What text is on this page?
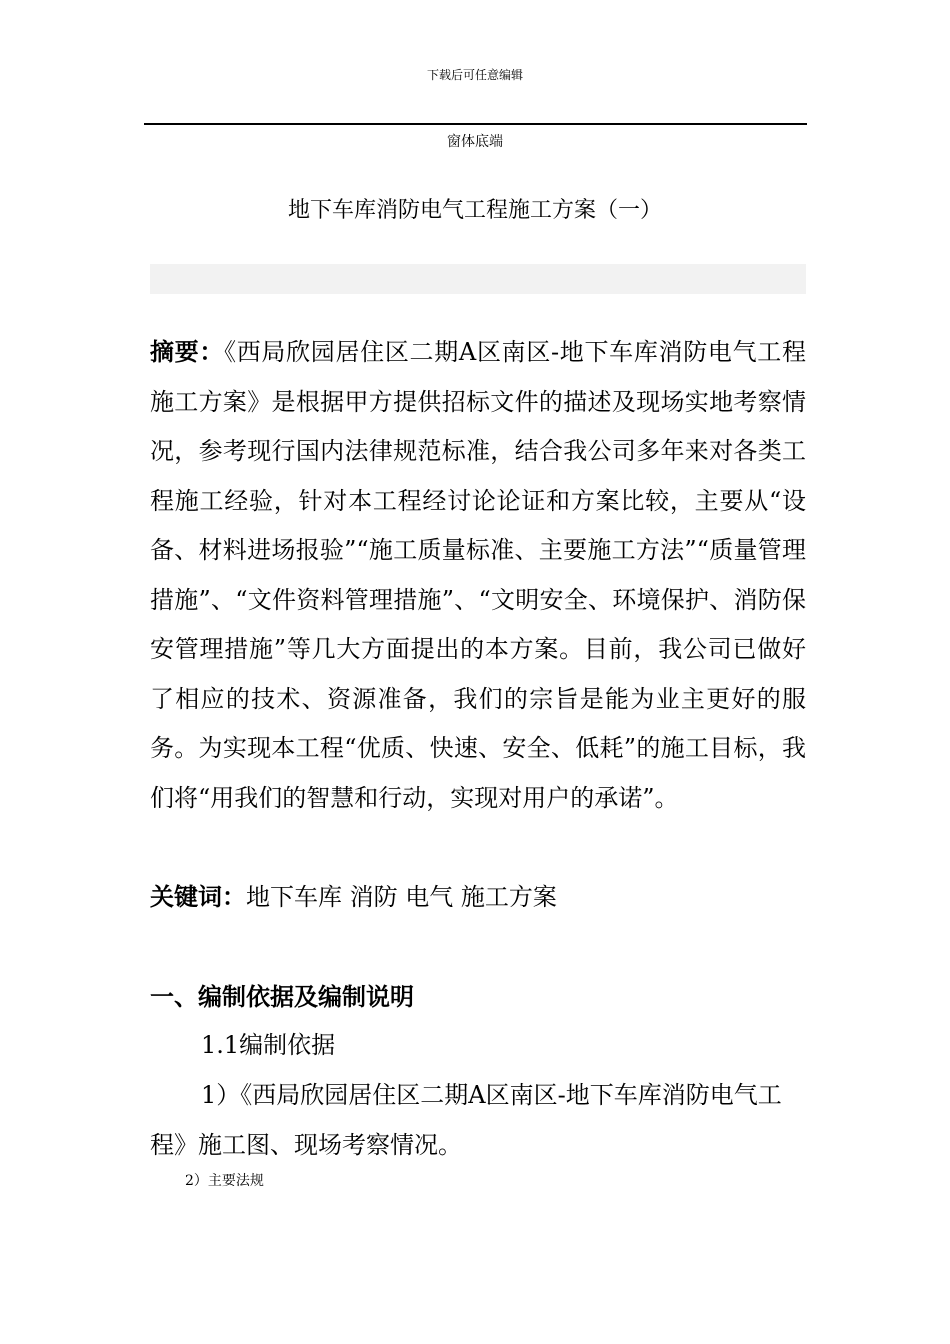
下载后可任意编辑
窗体底端
地下车库消防电气工程施工方案（一）
摘要：《西局欣园居住区二期A区南区-地下车库消防电气工程施工方案》是根据甲方提供招标文件的描述及现场实地考察情况，参考现行国内法律规范标准，结合我公司多年来对各类工程施工经验，针对本工程经讨论论证和方案比较，主要从“设备、材料进场报验”“施工质量标准、主要施工方法”“质量管理措施”、“文件资料管理措施”、“文明安全、环境保护、消防保安管理措施”等几大方面提出的本方案。目前，我公司已做好了相应的技术、资源准备，我们的宗旨是能为业主更好的服务。为实现本工程“优质、快速、安全、低耗”的施工目标，我们将“用我们的智慧和行动，实现对用户的承诺”。
关键词：地下车库 消防 电气 施工方案
一、编制依据及编制说明
1.1编制依据
1）《西局欣园居住区二期A区南区-地下车库消防电气工程》施工图、现场考察情况。
2）主要法规
